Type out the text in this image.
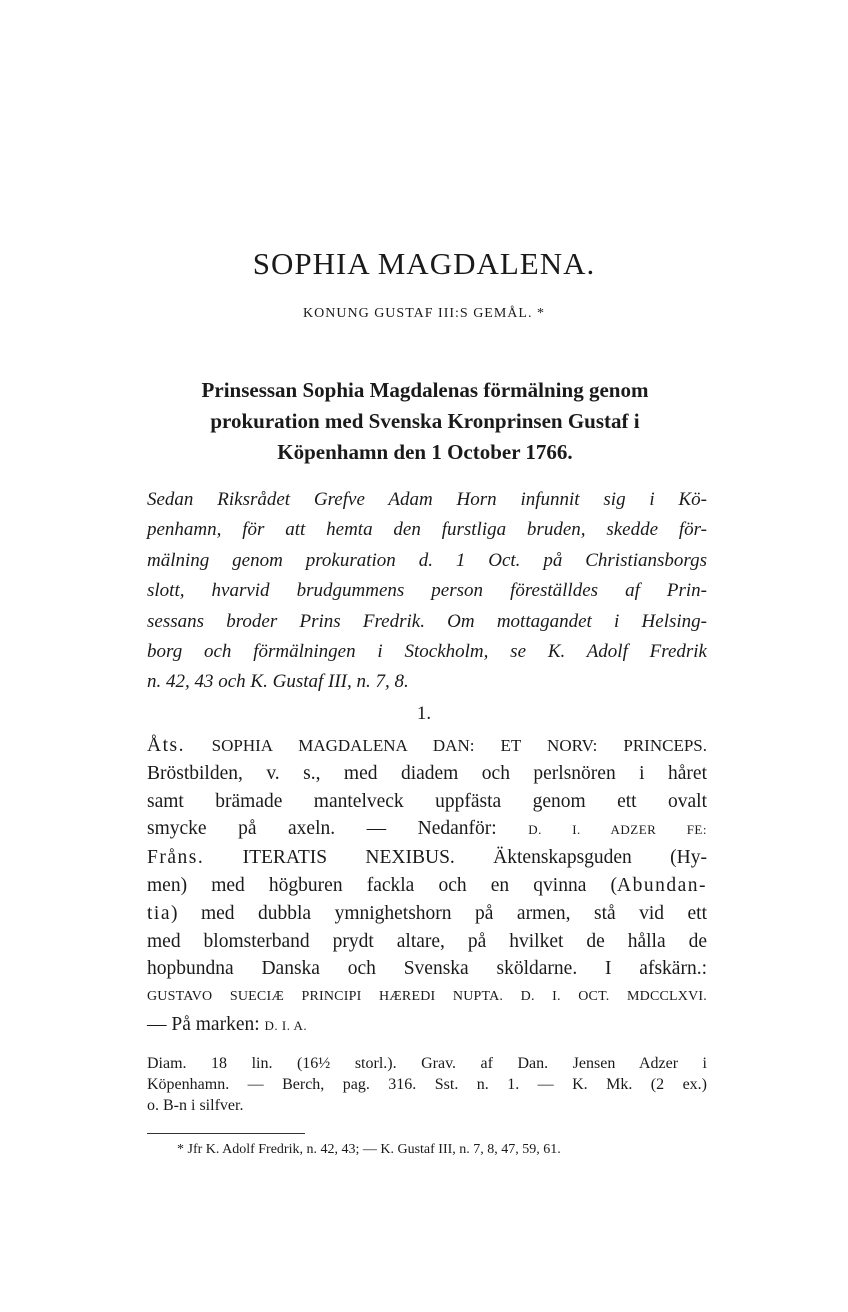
SOPHIA MAGDALENA.
KONUNG GUSTAF III:S GEMÅL. *
Prinsessan Sophia Magdalenas förmälning genom
prokuration med Svenska Kronprinsen Gustaf i
Köpenhamn den 1 October 1766.
Sedan Riksrådet Grefve Adam Horn infunnit sig i Kö-
penhamn, för att hemta den furstliga bruden, skedde för-
mälning genom prokuration d. 1 Oct. på Christiansborgs
slott, hvarvid brudgummens person föreställdes af Prin-
sessans broder Prins Fredrik. Om mottagandet i Helsing-
borg och förmälningen i Stockholm, se K. Adolf Fredrik
n. 42, 43 och K. Gustaf III, n. 7, 8.
1.
Åts. SOPHIA MAGDALENA DAN: ET NORV: PRINCEPS.
Bröstbilden, v. s., med diadem och perlsnören i håret
samt brämade mantelveck uppfästa genom ett ovalt
smycke på axeln. — Nedanför: D. I. ADZER FE:
Fråns. ITERATIS NEXIBUS. Äktenskapsguden (Hy-
men) med högburen fackla och en qvinna (Abundan-
tia) med dubbla ymnighetshorn på armen, stå vid ett
med blomsterband prydt altare, på hvilket de hålla de
hopbundna Danska och Svenska sköldarne. I afskärn.:
GUSTAVO SUECIÆ PRINCIPI HÆREDI NUPTA. D. I. OCT. MDCCLXVI.
— På marken: D. I. A.
Diam. 18 lin. (16½ storl.). Grav. af Dan. Jensen Adzer i
Köpenhamn. — Berch, pag. 316. Sst. n. 1. — K. Mk. (2 ex.)
o. B-n i silfver.
* Jfr K. Adolf Fredrik, n. 42, 43; — K. Gustaf III, n. 7, 8, 47, 59, 61.
